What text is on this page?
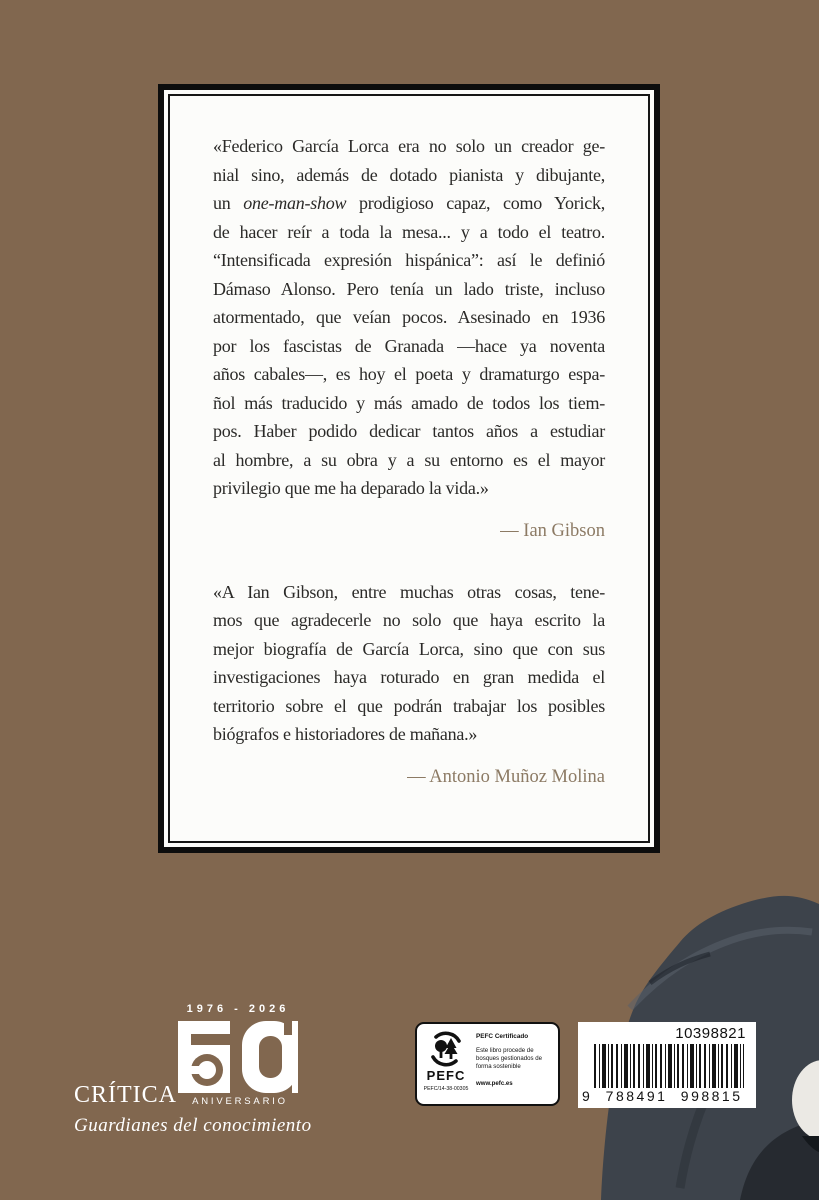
«Federico García Lorca era no solo un creador ge-
nial sino, además de dotado pianista y dibujante,
un one-man-show prodigioso capaz, como Yorick,
de hacer reír a toda la mesa... y a todo el teatro.
“Intensificada expresión hispánica”: así le definió
Dámaso Alonso. Pero tenía un lado triste, incluso
atormentado, que veían pocos. Asesinado en 1936
por los fascistas de Granada —hace ya noventa
años cabales—, es hoy el poeta y dramaturgo espa-
ñol más traducido y más amado de todos los tiem-
pos. Haber podido dedicar tantos años a estudiar
al hombre, a su obra y a su entorno es el mayor
privilegio que me ha deparado la vida.»
— Ian Gibson
«A Ian Gibson, entre muchas otras cosas, tene-
mos que agradecerle no solo que haya escrito la
mejor biografía de García Lorca, sino que con sus
investigaciones haya roturado en gran medida el
territorio sobre el que podrán trabajar los posibles
biógrafos e historiadores de mañana.»
— Antonio Muñoz Molina
1976 - 2026
ANIVERSARIO
CRÍTICA
Guardianes del conocimiento
PEFC
PEFC/14-38-00305
PEFC Certificado
Este libro procede de bosques gestionados de forma sostenible
www.pefc.es
10398821
9 788491 998815
